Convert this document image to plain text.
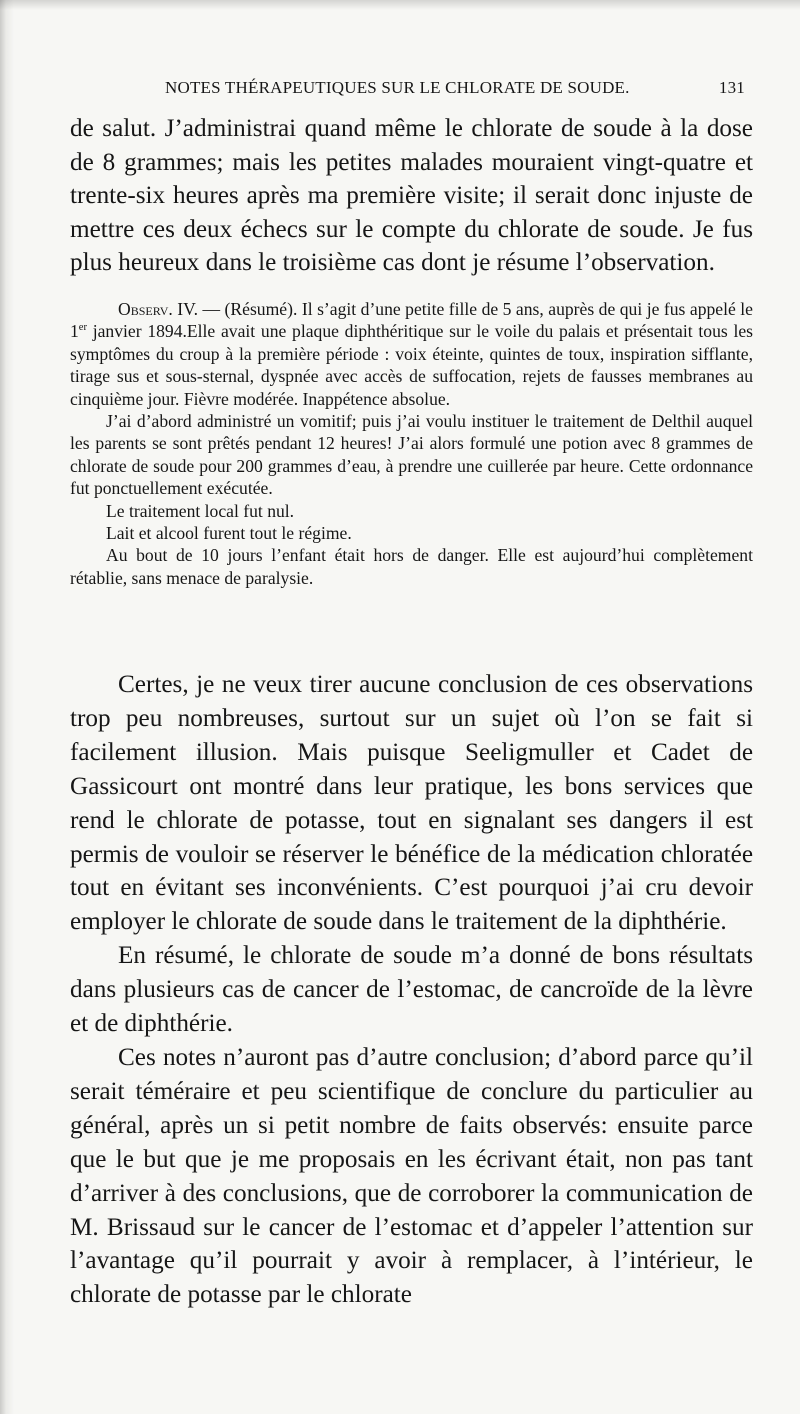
NOTES THÉRAPEUTIQUES SUR LE CHLORATE DE SOUDE.	131

de salut. J’administrai quand même le chlorate de soude à la dose de 8 grammes; mais les petites malades mouraient vingt-quatre et trente-six heures après ma première visite; il serait donc injuste de mettre ces deux échecs sur le compte du chlorate de soude. Je fus plus heureux dans le troisième cas dont je résume l’observation.

Observ. IV. — (Résumé). Il s’agit d’une petite fille de 5 ans, auprès de qui je fus appelé le 1er janvier 1894.Elle avait une plaque diphthéritique sur le voile du palais et présentait tous les symptômes du croup à la première période : voix éteinte, quintes de toux, inspiration sifflante, tirage sus et sous-sternal, dyspnée avec accès de suffocation, rejets de fausses membranes au cinquième jour. Fièvre modérée. Inappétence absolue.

J’ai d’abord administré un vomitif; puis j’ai voulu instituer le traitement de Delthil auquel les parents se sont prêtés pendant 12 heures! J’ai alors formulé une potion avec 8 grammes de chlorate de soude pour 200 grammes d’eau, à prendre une cuillerée par heure. Cette ordonnance fut ponctuellement exécutée.

Le traitement local fut nul.

Lait et alcool furent tout le régime.

Au bout de 10 jours l’enfant était hors de danger. Elle est aujourd’hui complètement rétablie, sans menace de paralysie.

Certes, je ne veux tirer aucune conclusion de ces observations trop peu nombreuses, surtout sur un sujet où l’on se fait si facilement illusion. Mais puisque Seeligmuller et Cadet de Gassicourt ont montré dans leur pratique, les bons services que rend le chlorate de potasse, tout en signalant ses dangers il est permis de vouloir se réserver le bénéfice de la médication chloratée tout en évitant ses inconvénients. C’est pourquoi j’ai cru devoir employer le chlorate de soude dans le traitement de la diphthérie.

En résumé, le chlorate de soude m’a donné de bons résultats dans plusieurs cas de cancer de l’estomac, de cancroïde de la lèvre et de diphthérie.

Ces notes n’auront pas d’autre conclusion; d’abord parce qu’il serait téméraire et peu scientifique de conclure du particulier au général, après un si petit nombre de faits observés: ensuite parce que le but que je me proposais en les écrivant était, non pas tant d’arriver à des conclusions, que de corroborer la communication de M. Brissaud sur le cancer de l’estomac et d’appeler l’attention sur l’avantage qu’il pourrait y avoir à remplacer, à l’intérieur, le chlorate de potasse par le chlorate
